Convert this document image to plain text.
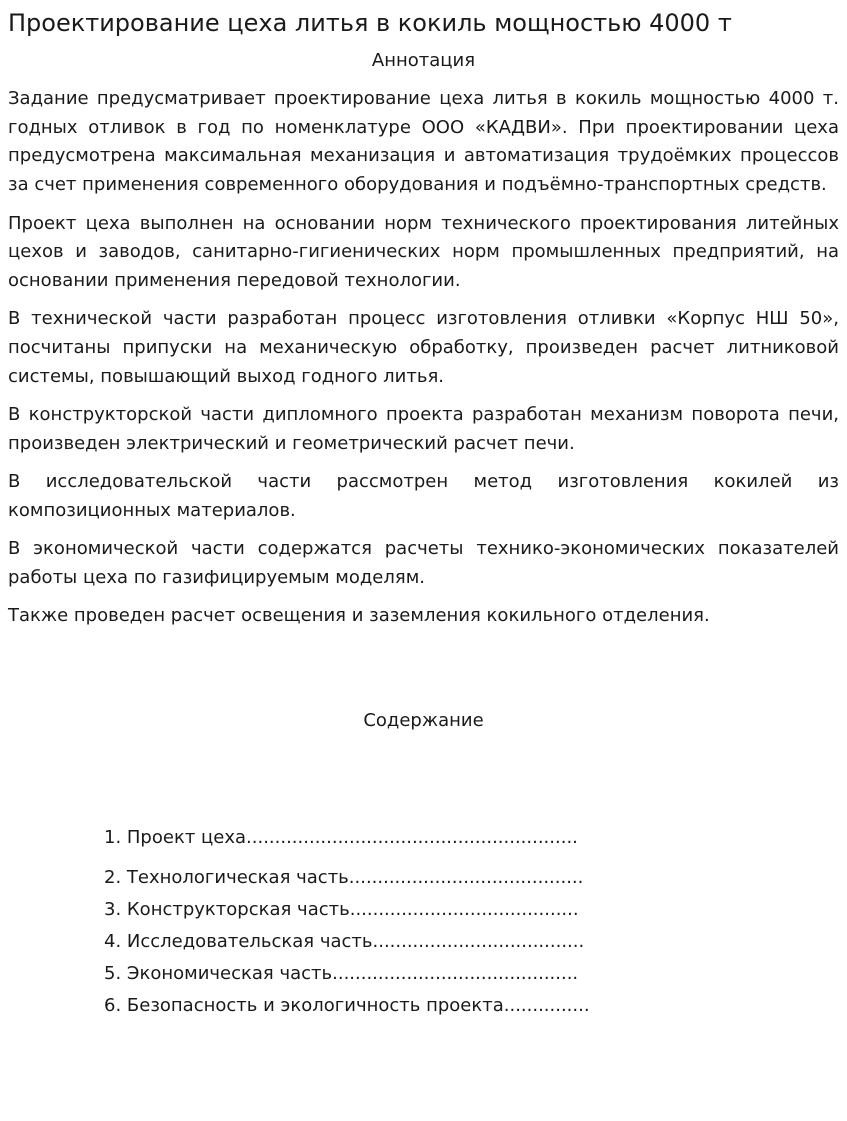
Проектирование цеха литья в кокиль мощностью 4000 т
Аннотация

Задание предусматривает проектирование цеха литья в кокиль мощностью 4000 т. годных отливок в год по номенклатуре ООО «КАДВИ». При проектировании цеха предусмотрена максимальная механизация и автоматизация трудоёмких процессов за счет применения современного оборудования и подъёмно-транспортных средств.

Проект цеха выполнен на основании норм технического проектирования литейных цехов и заводов, санитарно-гигиенических норм промышленных предприятий, на основании применения передовой технологии.

В технической части разработан процесс изготовления отливки «Корпус НШ 50», посчитаны припуски на механическую обработку, произведен расчет литниковой системы, повышающий выход годного литья.

В конструкторской части дипломного проекта разработан механизм поворота печи, произведен электрический и геометрический расчет печи.

В исследовательской части рассмотрен метод изготовления кокилей из композиционных материалов.

В экономической части содержатся расчеты технико-экономических показателей работы цеха по газифицируемым моделям.

Также проведен расчет освещения и заземления кокильного отделения.

Содержание
1. Проект цеха..........................................................
2. Технологическая часть.........................................
3. Конструкторская часть........................................
4. Исследовательская часть.....................................
5. Экономическая часть...........................................
6. Безопасность и экологичность проекта...............
